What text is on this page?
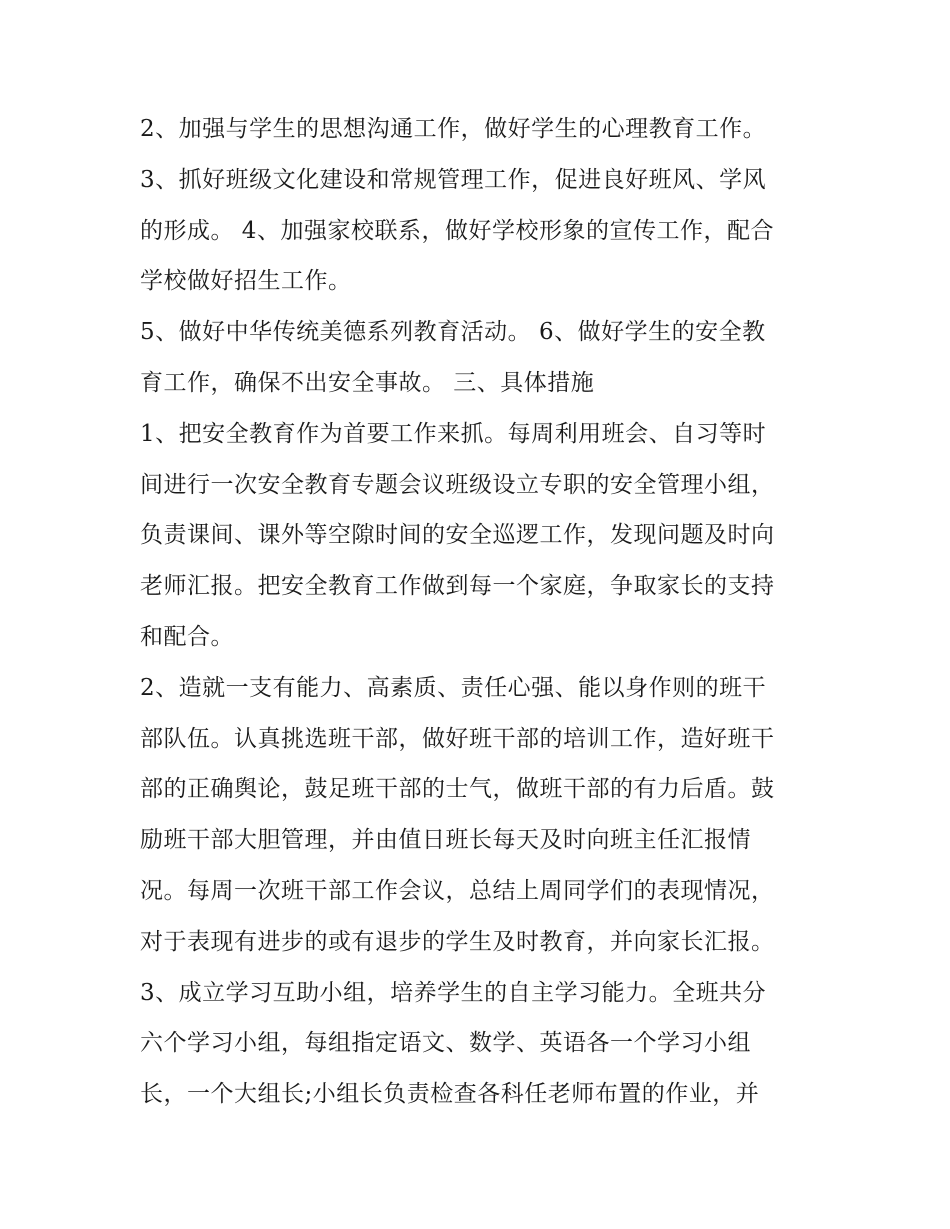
2、加强与学生的思想沟通工作，做好学生的心理教育工作。
3、抓好班级文化建设和常规管理工作，促进良好班风、学风
的形成。 4、加强家校联系，做好学校形象的宣传工作，配合
学校做好招生工作。
5、做好中华传统美德系列教育活动。 6、做好学生的安全教
育工作，确保不出安全事故。 三、具体措施
1、把安全教育作为首要工作来抓。每周利用班会、自习等时
间进行一次安全教育专题会议班级设立专职的安全管理小组，
负责课间、课外等空隙时间的安全巡逻工作，发现问题及时向
老师汇报。把安全教育工作做到每一个家庭，争取家长的支持
和配合。
2、造就一支有能力、高素质、责任心强、能以身作则的班干
部队伍。认真挑选班干部，做好班干部的培训工作，造好班干
部的正确舆论，鼓足班干部的士气，做班干部的有力后盾。鼓
励班干部大胆管理，并由值日班长每天及时向班主任汇报情
况。每周一次班干部工作会议，总结上周同学们的表现情况，
对于表现有进步的或有退步的学生及时教育，并向家长汇报。
3、成立学习互助小组，培养学生的自主学习能力。全班共分
六个学习小组，每组指定语文、数学、英语各一个学习小组
长，一个大组长;小组长负责检查各科任老师布置的作业，并
